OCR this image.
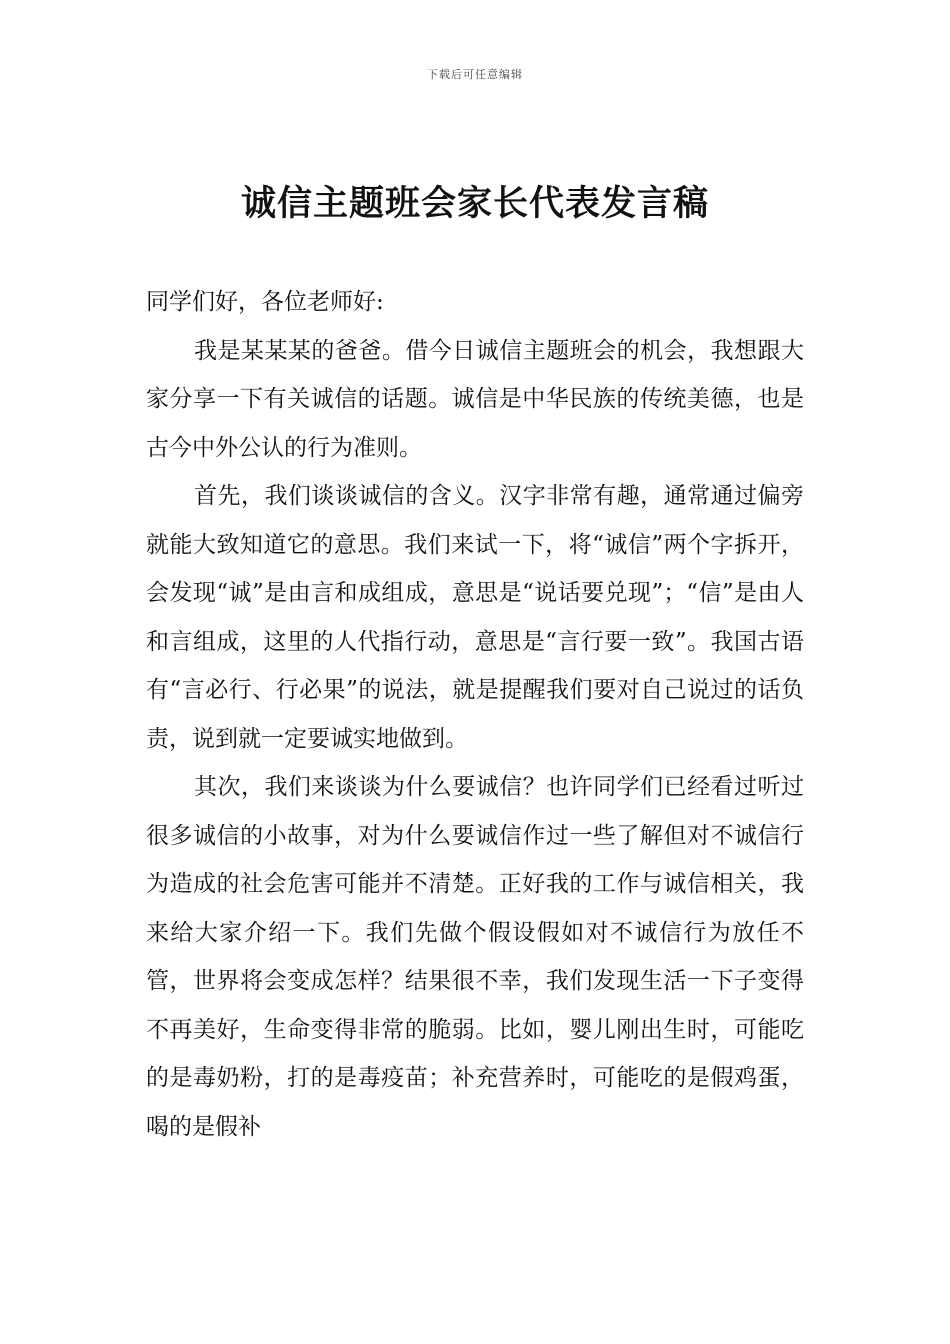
下载后可任意编辑
诚信主题班会家长代表发言稿

同学们好，各位老师好:

我是某某某的爸爸。借今日诚信主题班会的机会，我想跟大家分享一下有关诚信的话题。诚信是中华民族的传统美德，也是古今中外公认的行为准则。

首先，我们谈谈诚信的含义。汉字非常有趣，通常通过偏旁就能大致知道它的意思。我们来试一下，将“诚信”两个字拆开，会发现“诚”是由言和成组成，意思是“说话要兑现”；“信”是由人和言组成，这里的人代指行动，意思是“言行要一致”。我国古语有“言必行、行必果”的说法，就是提醒我们要对自己说过的话负责，说到就一定要诚实地做到。

其次，我们来谈谈为什么要诚信？也许同学们已经看过听过很多诚信的小故事，对为什么要诚信作过一些了解但对不诚信行为造成的社会危害可能并不清楚。正好我的工作与诚信相关，我来给大家介绍一下。我们先做个假设假如对不诚信行为放任不管，世界将会变成怎样？结果很不幸，我们发现生活一下子变得不再美好，生命变得非常的脆弱。比如，婴儿刚出生时，可能吃的是毒奶粉，打的是毒疫苗；补充营养时，可能吃的是假鸡蛋，喝的是假补
